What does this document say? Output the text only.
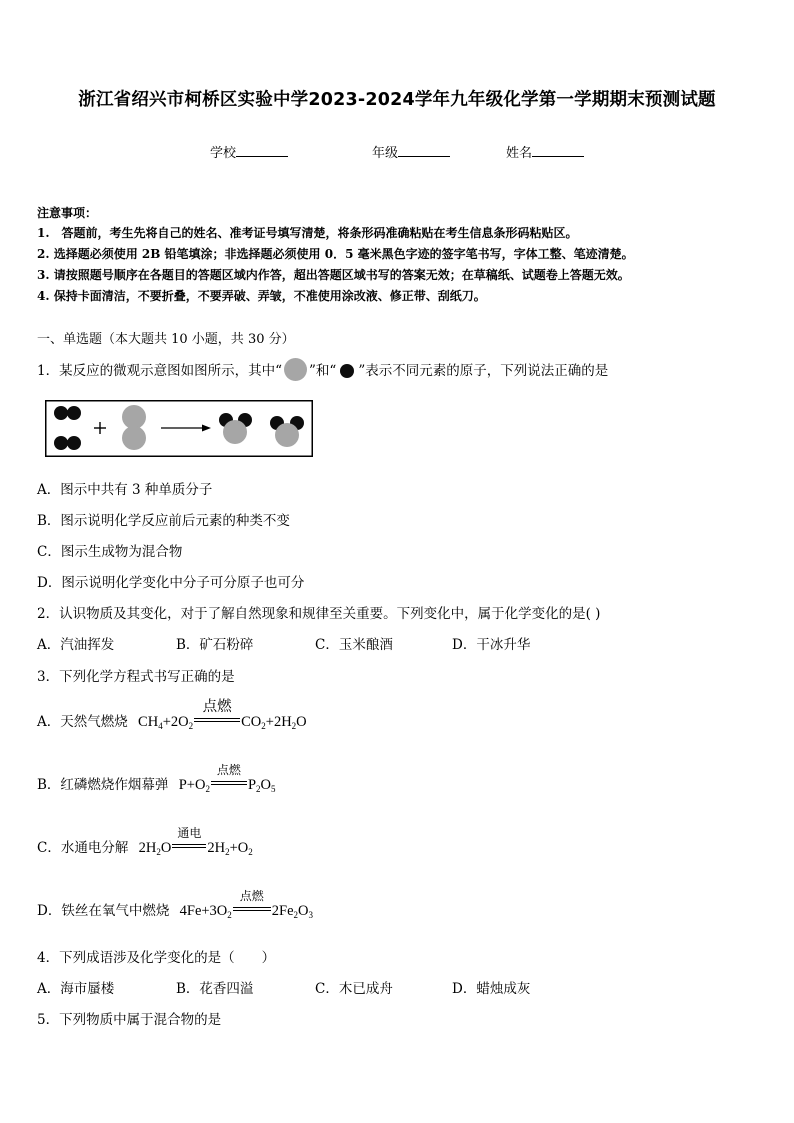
浙江省绍兴市柯桥区实验中学2023-2024学年九年级化学第一学期期末预测试题
学校	年级	姓名
注意事项：
1.　答题前，考生先将自己的姓名、准考证号填写清楚，将条形码准确粘贴在考生信息条形码粘贴区。
2. 选择题必须使用 2B 铅笔填涂；非选择题必须使用 0．5 毫米黑色字迹的签字笔书写，字体工整、笔迹清楚。
3. 请按照题号顺序在各题目的答题区域内作答，超出答题区域书写的答案无效；在草稿纸、试题卷上答题无效。
4. 保持卡面清洁，不要折叠，不要弄破、弄皱，不准使用涂改液、修正带、刮纸刀。
一、单选题（本大题共 10 小题，共 30 分）
1．某反应的微观示意图如图所示，其中“ ”和“ ”表示不同元素的原子，下列说法正确的是
A．图示中共有 3 种单质分子
B．图示说明化学反应前后元素的种类不变
C．图示生成物为混合物
D．图示说明化学变化中分子可分原子也可分
2．认识物质及其变化，对于了解自然现象和规律至关重要。下列变化中，属于化学变化的是( )
A．汽油挥发	B．矿石粉碎	C．玉米酿酒	D．干冰升华
3．下列化学方程式书写正确的是
A．天然气燃烧 $CH_4+2O_2$
点燃
$CO_2+2H_2O$
B．红磷燃烧作烟幕弹 $P+O_2$
点燃
$P_2O_5$
C．水通电分解 $2H_2O$
通电
$2H_2+O_2$
D．铁丝在氧气中燃烧 $4Fe+3O_2$
点燃
$2Fe_2O_3$
4．下列成语涉及化学变化的是（　　）
A．海市蜃楼	B．花香四溢	C．木已成舟	D．蜡烛成灰
5．下列物质中属于混合物的是
